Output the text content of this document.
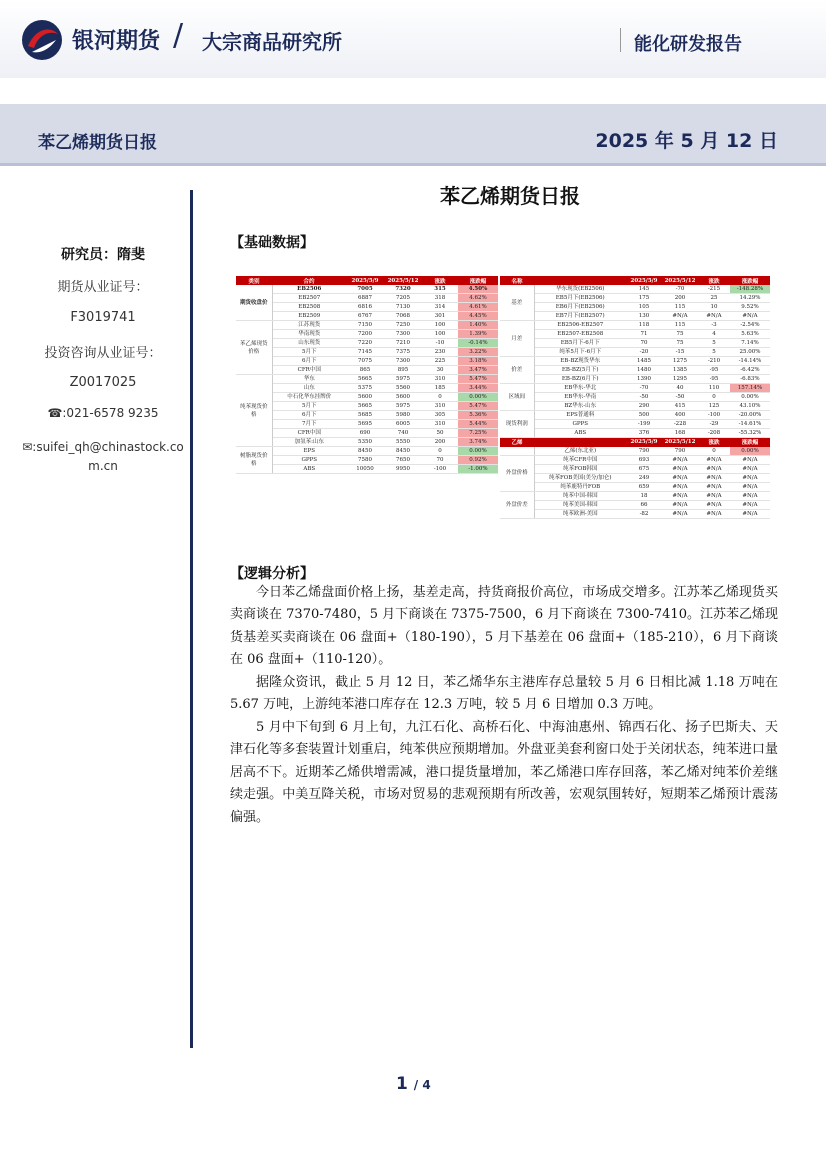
银河期货 / 大宗商品研究所	能化研发报告
苯乙烯期货日报	2025 年 5 月 12 日
研究员：隋斐
期货从业证号：
F3019741
投资咨询从业证号：
Z0017025
☎:021-6578 9235
✉:suifei_qh@chinastock.co
m.cn
苯乙烯期货日报
【基础数据】
类别	合约	2025/5/9	2025/5/12	涨跌	涨跌幅
期货收盘价	EB2506	7005	7320	315	4.50%
	EB2507	6887	7205	318	4.62%
	EB2508	6816	7130	314	4.61%
	EB2509	6767	7068	301	4.45%
苯乙烯现货价格	江苏现货	7150	7250	100	1.40%
	华南现货	7200	7300	100	1.39%
	山东现货	7220	7210	-10	-0.14%
	5月下	7145	7375	230	3.22%
	6月下	7075	7300	225	3.18%
	CFR中国	865	895	30	3.47%
纯苯现货价格	华东	5665	5975	310	5.47%
	山东	5375	5560	185	3.44%
	中石化华东挂牌价	5600	5600	0	0.00%
	5月下	5665	5975	310	5.47%
	6月下	5685	5980	305	5.36%
	7月下	5695	6005	310	5.44%
	CFR中国	690	740	50	7.25%
	加氢苯:山东	5350	5550	200	3.74%
树脂现货价格	EPS	8450	8450	0	0.00%
	GPPS	7580	7650	70	0.92%
	ABS	10050	9950	-100	-1.00%
名称		2025/5/9	2025/5/12	涨跌	涨跌幅
基差	华东现货(EB2506)	145	-70	-215	-148.28%
	EB5月下(EB2506)	175	200	25	14.29%
	EB6月下(EB2506)	105	115	10	9.52%
	EB7月下(EB2507)	130	#N/A	#N/A	#N/A
月差	EB2506-EB2507	118	115	-3	-2.54%
	EB2507-EB2508	71	75	4	5.63%
	EB5月下-6月下	70	75	5	7.14%
	纯苯5月下-6月下	-20	-15	5	25.00%
价差	EB-BZ现货华东	1485	1275	-210	-14.14%
	EB-BZ(5月下)	1480	1385	-95	-6.42%
	EB-BZ(6月下)	1390	1295	-95	-6.83%
区域间	EB华东-华北	-70	40	110	157.14%
	EB华东-华南	-50	-50	0	0.00%
	BZ华东-山东	290	415	125	43.10%
现货利润	EPS普通料	500	400	-100	-20.00%
	GPPS	-199	-228	-29	-14.61%
	ABS	376	168	-208	-55.32%
乙烯		2025/5/9	2025/5/12	涨跌	涨跌幅
	乙烯(东北亚)	790	790	0	0.00%
外盘价格	纯苯CFR中国	693	#N/A	#N/A	#N/A
	纯苯FOB韩国	675	#N/A	#N/A	#N/A
	纯苯FOB美国(美分/加仑)	249	#N/A	#N/A	#N/A
	纯苯鹿特丹FOB	659	#N/A	#N/A	#N/A
外盘价差	纯苯中国-韩国	18	#N/A	#N/A	#N/A
	纯苯美国-韩国	66	#N/A	#N/A	#N/A
	纯苯欧洲-美国	-82	#N/A	#N/A	#N/A
【逻辑分析】
今日苯乙烯盘面价格上扬，基差走高，持货商报价高位，市场成交增多。江苏苯乙烯现货买卖商谈在 7370-7480，5 月下商谈在 7375-7500，6 月下商谈在 7300-7410。江苏苯乙烯现货基差买卖商谈在 06 盘面+（180-190），5 月下基差在 06 盘面+（185-210），6 月下商谈在 06 盘面+（110-120）。
据隆众资讯，截止 5 月 12 日，苯乙烯华东主港库存总量较 5 月 6 日相比减 1.18 万吨在 5.67 万吨，上游纯苯港口库存在 12.3 万吨，较 5 月 6 日增加 0.3 万吨。
5 月中下旬到 6 月上旬，九江石化、高桥石化、中海油惠州、锦西石化、扬子巴斯夫、天津石化等多套装置计划重启，纯苯供应预期增加。外盘亚美套利窗口处于关闭状态，纯苯进口量居高不下。近期苯乙烯供增需减，港口提货量增加，苯乙烯港口库存回落，苯乙烯对纯苯价差继续走强。中美互降关税，市场对贸易的悲观预期有所改善，宏观氛围转好，短期苯乙烯预计震荡偏强。
1 / 4
